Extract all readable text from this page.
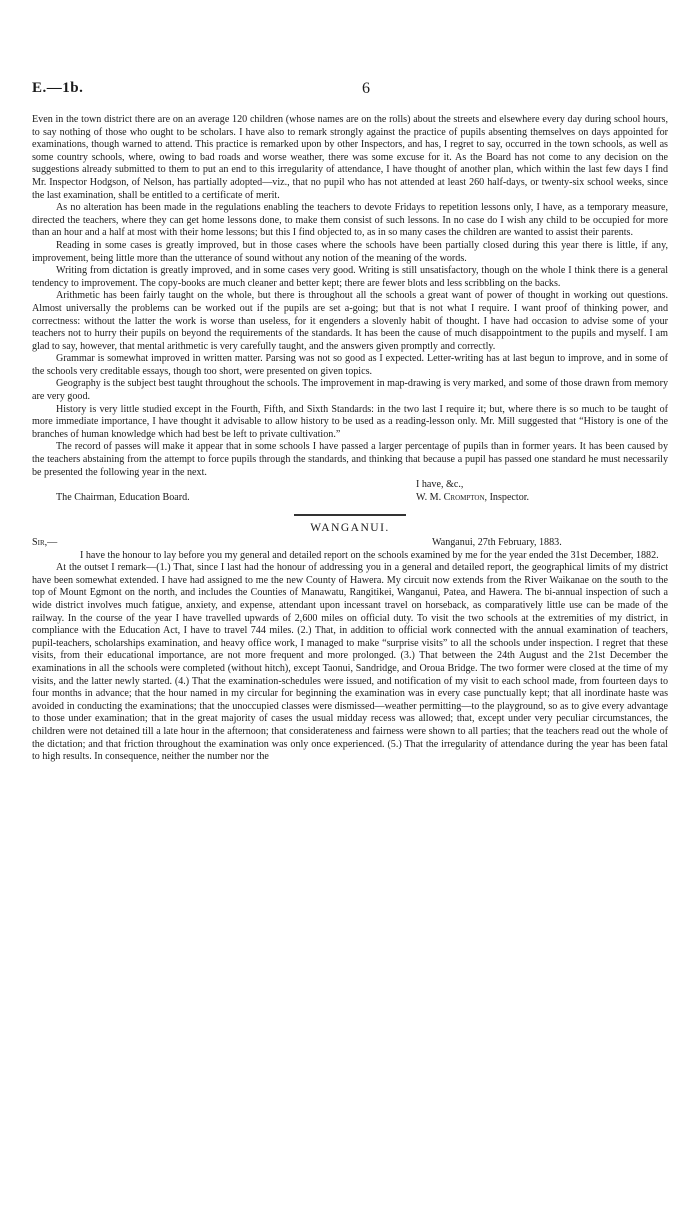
E.—1b.	6

Even in the town district there are on an average 120 children (whose names are on the rolls) about the streets and elsewhere every day during school hours, to say nothing of those who ought to be scholars. I have also to remark strongly against the practice of pupils absenting themselves on days appointed for examinations, though warned to attend. This practice is remarked upon by other Inspectors, and has, I regret to say, occurred in the town schools, as well as some country schools, where, owing to bad roads and worse weather, there was some excuse for it. As the Board has not come to any decision on the suggestions already submitted to them to put an end to this irregularity of attendance, I have thought of another plan, which within the last few days I find Mr. Inspector Hodgson, of Nelson, has partially adopted—viz., that no pupil who has not attended at least 260 half-days, or twenty-six school weeks, since the last examination, shall be entitled to a certificate of merit.

As no alteration has been made in the regulations enabling the teachers to devote Fridays to repetition lessons only, I have, as a temporary measure, directed the teachers, where they can get home lessons done, to make them consist of such lessons. In no case do I wish any child to be occupied for more than an hour and a half at most with their home lessons; but this I find objected to, as in so many cases the children are wanted to assist their parents.

Reading in some cases is greatly improved, but in those cases where the schools have been partially closed during this year there is little, if any, improvement, being little more than the utterance of sound without any notion of the meaning of the words.

Writing from dictation is greatly improved, and in some cases very good. Writing is still unsatisfactory, though on the whole I think there is a general tendency to improvement. The copy-books are much cleaner and better kept; there are fewer blots and less scribbling on the backs.

Arithmetic has been fairly taught on the whole, but there is throughout all the schools a great want of power of thought in working out questions. Almost universally the problems can be worked out if the pupils are set a-going; but that is not what I require. I want proof of thinking power, and correctness: without the latter the work is worse than useless, for it engenders a slovenly habit of thought. I have had occasion to advise some of your teachers not to hurry their pupils on beyond the requirements of the standards. It has been the cause of much disappointment to the pupils and myself. I am glad to say, however, that mental arithmetic is very carefully taught, and the answers given promptly and correctly.

Grammar is somewhat improved in written matter. Parsing was not so good as I expected. Letter-writing has at last begun to improve, and in some of the schools very creditable essays, though too short, were presented on given topics.

Geography is the subject best taught throughout the schools. The improvement in map-drawing is very marked, and some of those drawn from memory are very good.

History is very little studied except in the Fourth, Fifth, and Sixth Standards: in the two last I require it; but, where there is so much to be taught of more immediate importance, I have thought it advisable to allow history to be used as a reading-lesson only. Mr. Mill suggested that “History is one of the branches of human knowledge which had best be left to private cultivation.”

The record of passes will make it appear that in some schools I have passed a larger percentage of pupils than in former years. It has been caused by the teachers abstaining from the attempt to force pupils through the standards, and thinking that because a pupil has passed one standard he must necessarily be presented the following year in the next.

I have, &c.,
The Chairman, Education Board.	W. M. Crompton, Inspector.
WANGANUI.
Sir,—	Wanganui, 27th February, 1883.

I have the honour to lay before you my general and detailed report on the schools examined by me for the year ended the 31st December, 1882.

At the outset I remark—(1.) That, since I last had the honour of addressing you in a general and detailed report, the geographical limits of my district have been somewhat extended. I have had assigned to me the new County of Hawera. My circuit now extends from the River Waikanae on the south to the top of Mount Egmont on the north, and includes the Counties of Manawatu, Rangitikei, Wanganui, Patea, and Hawera. The bi-annual inspection of such a wide district involves much fatigue, anxiety, and expense, attendant upon incessant travel on horseback, as comparatively little use can be made of the railway. In the course of the year I have travelled upwards of 2,600 miles on official duty. To visit the two schools at the extremities of my district, in compliance with the Education Act, I have to travel 744 miles. (2.) That, in addition to official work connected with the annual examination of teachers, pupil-teachers, scholarships examination, and heavy office work, I managed to make “surprise visits” to all the schools under inspection. I regret that these visits, from their educational importance, are not more frequent and more prolonged. (3.) That between the 24th August and the 21st December the examinations in all the schools were completed (without hitch), except Taonui, Sandridge, and Oroua Bridge. The two former were closed at the time of my visits, and the latter newly started. (4.) That the examination-schedules were issued, and notification of my visit to each school made, from fourteen days to four months in advance; that the hour named in my circular for beginning the examination was in every case punctually kept; that all inordinate haste was avoided in conducting the examinations; that the unoccupied classes were dismissed—weather permitting—to the playground, so as to give every advantage to those under examination; that in the great majority of cases the usual midday recess was allowed; that, except under very peculiar circumstances, the children were not detained till a late hour in the afternoon; that considerateness and fairness were shown to all parties; that the teachers read out the whole of the dictation; and that friction throughout the examination was only once experienced. (5.) That the irregularity of attendance during the year has been fatal to high results. In consequence, neither the number nor the
